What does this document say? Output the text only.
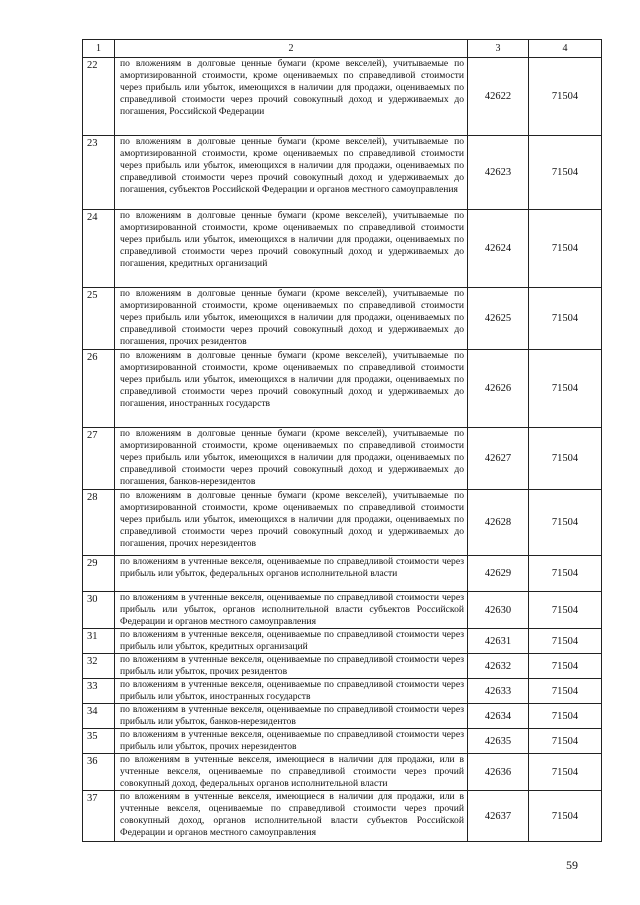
1	2	3	4
22	по вложениям в долговые ценные бумаги (кроме векселей), учитываемые по амортизированной стоимости, кроме оцениваемых по справедливой стоимости через прибыль или убыток, имеющихся в наличии для продажи, оцениваемых по справедливой стоимости через прочий совокупный доход и удерживаемых до погашения, Российской Федерации	42622	71504
23	по вложениям в долговые ценные бумаги (кроме векселей), учитываемые по амортизированной стоимости, кроме оцениваемых по справедливой стоимости через прибыль или убыток, имеющихся в наличии для продажи, оцениваемых по справедливой стоимости через прочий совокупный доход и удерживаемых до погашения, субъектов Российской Федерации и органов местного самоуправления	42623	71504
24	по вложениям в долговые ценные бумаги (кроме векселей), учитываемые по амортизированной стоимости, кроме оцениваемых по справедливой стоимости через прибыль или убыток, имеющихся в наличии для продажи, оцениваемых по справедливой стоимости через прочий совокупный доход и удерживаемых до погашения, кредитных организаций	42624	71504
25	по вложениям в долговые ценные бумаги (кроме векселей), учитываемые по амортизированной стоимости, кроме оцениваемых по справедливой стоимости через прибыль или убыток, имеющихся в наличии для продажи, оцениваемых по справедливой стоимости через прочий совокупный доход и удерживаемых до погашения, прочих резидентов	42625	71504
26	по вложениям в долговые ценные бумаги (кроме векселей), учитываемые по амортизированной стоимости, кроме оцениваемых по справедливой стоимости через прибыль или убыток, имеющихся в наличии для продажи, оцениваемых по справедливой стоимости через прочий совокупный доход и удерживаемых до погашения, иностранных государств	42626	71504
27	по вложениям в долговые ценные бумаги (кроме векселей), учитываемые по амортизированной стоимости, кроме оцениваемых по справедливой стоимости через прибыль или убыток, имеющихся в наличии для продажи, оцениваемых по справедливой стоимости через прочий совокупный доход и удерживаемых до погашения, банков-нерезидентов	42627	71504
28	по вложениям в долговые ценные бумаги (кроме векселей), учитываемые по амортизированной стоимости, кроме оцениваемых по справедливой стоимости через прибыль или убыток, имеющихся в наличии для продажи, оцениваемых по справедливой стоимости через прочий совокупный доход и удерживаемых до погашения, прочих нерезидентов	42628	71504
29	по вложениям в учтенные векселя, оцениваемые по справедливой стоимости через прибыль или убыток, федеральных органов исполнительной власти	42629	71504
30	по вложениям в учтенные векселя, оцениваемые по справедливой стоимости через прибыль или убыток, органов исполнительной власти субъектов Российской Федерации и органов местного самоуправления	42630	71504
31	по вложениям в учтенные векселя, оцениваемые по справедливой стоимости через прибыль или убыток, кредитных организаций	42631	71504
32	по вложениям в учтенные векселя, оцениваемые по справедливой стоимости через прибыль или убыток, прочих резидентов	42632	71504
33	по вложениям в учтенные векселя, оцениваемые по справедливой стоимости через прибыль или убыток, иностранных государств	42633	71504
34	по вложениям в учтенные векселя, оцениваемые по справедливой стоимости через прибыль или убыток, банков-нерезидентов	42634	71504
35	по вложениям в учтенные векселя, оцениваемые по справедливой стоимости через прибыль или убыток, прочих нерезидентов	42635	71504
36	по вложениям в учтенные векселя, имеющиеся в наличии для продажи, или в учтенные векселя, оцениваемые по справедливой стоимости через прочий совокупный доход, федеральных органов исполнительной власти	42636	71504
37	по вложениям в учтенные векселя, имеющиеся в наличии для продажи, или в учтенные векселя, оцениваемые по справедливой стоимости через прочий совокупный доход, органов исполнительной власти субъектов Российской Федерации и органов местного самоуправления	42637	71504
59
